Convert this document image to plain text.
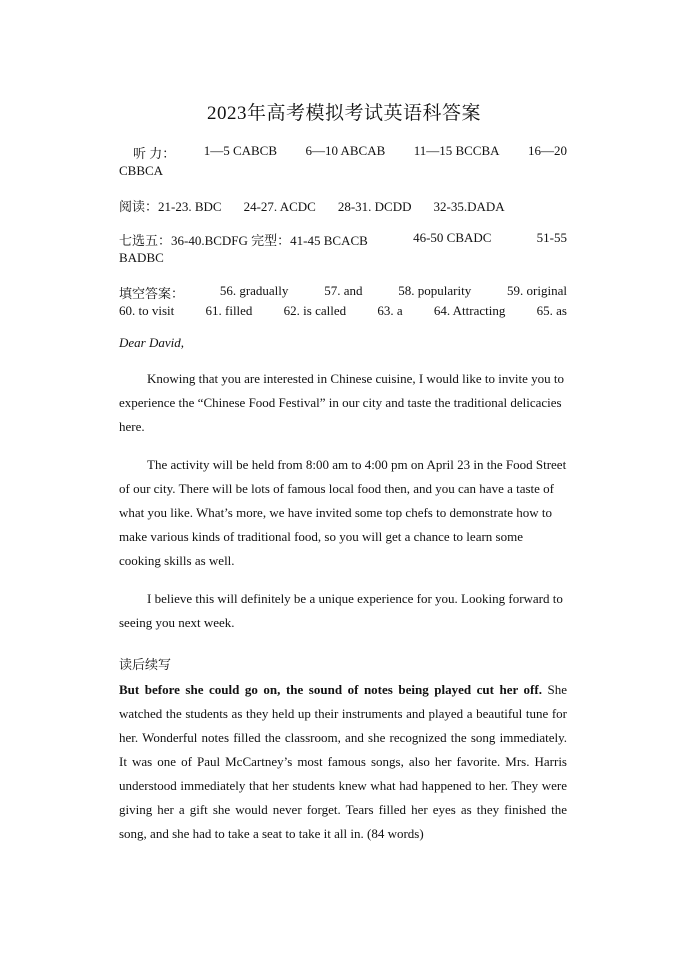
2023年高考模拟考试英语科答案
听 力： 1—5 CABCB 6—10 ABCAB 11—15 BCCBA 16—20
CBBCA
阅读：21-23. BDC 24-27. ACDC 28-31. DCDD 32-35.DADA
七选五：36-40.BCDFG 完型：41-45 BCACB	46-50 CBADC	51-55
BADBC
填空答案：	56. gradually	57. and	58. popularity	59. original
60. to visit 61. filled 62. is called 63. a 64. Attracting 65. as
Dear David,
Knowing that you are interested in Chinese cuisine, I would like to invite you to experience the “Chinese Food Festival” in our city and taste the traditional delicacies here.
The activity will be held from 8:00 am to 4:00 pm on April 23 in the Food Street of our city. There will be lots of famous local food then, and you can have a taste of what you like. What’s more, we have invited some top chefs to demonstrate how to make various kinds of traditional food, so you will get a chance to learn some cooking skills as well.
I believe this will definitely be a unique experience for you. Looking forward to seeing you next week.
读后续写
But before she could go on, the sound of notes being played cut her off. She watched the students as they held up their instruments and played a beautiful tune for her. Wonderful notes filled the classroom, and she recognized the song immediately. It was one of Paul McCartney’s most famous songs, also her favorite. Mrs. Harris understood immediately that her students knew what had happened to her. They were giving her a gift she would never forget. Tears filled her eyes as they finished the song, and she had to take a seat to take it all in. (84 words)
